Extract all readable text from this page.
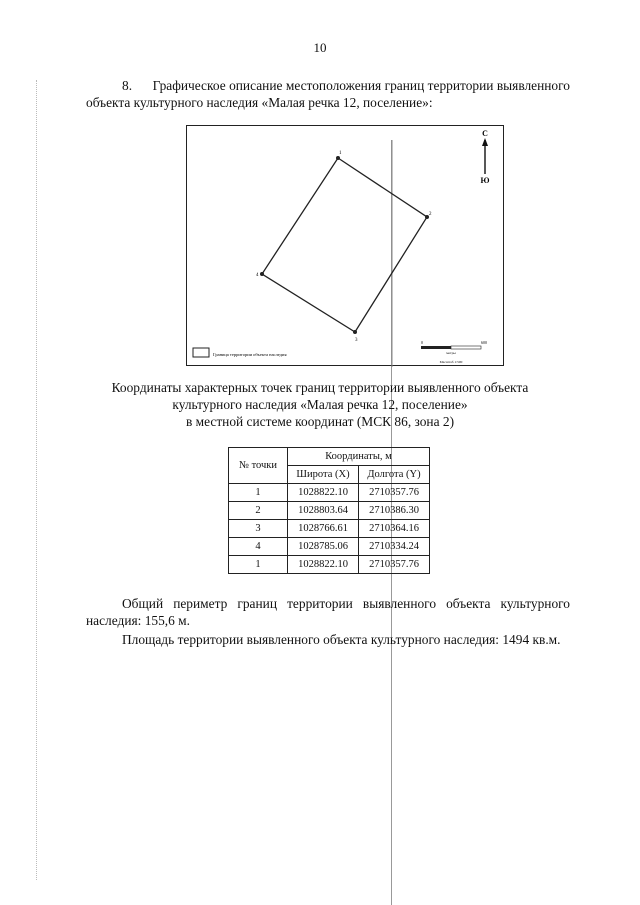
10
8. Графическое описание местоположения границ территории выявленного объекта культурного наследия «Малая речка 12, поселение»:
1
2
3
4
С
Ю
Граница территории объекта наследия
0	600
метры
Масштаб 1:500
Координаты характерных точек границ территории выявленного объекта
культурного наследия «Малая речка 12, поселение»
в местной системе координат (МСК 86, зона 2)
№ точки	Координаты, м	
	Широта (X)	Долгота (Y)
1	1028822.10	2710357.76
2	1028803.64	2710386.30
3	1028766.61	2710364.16
4	1028785.06	2710334.24
1	1028822.10	2710357.76
Общий периметр границ территории выявленного объекта культурного наследия: 155,6 м.
Площадь территории выявленного объекта культурного наследия: 1494 кв.м.
